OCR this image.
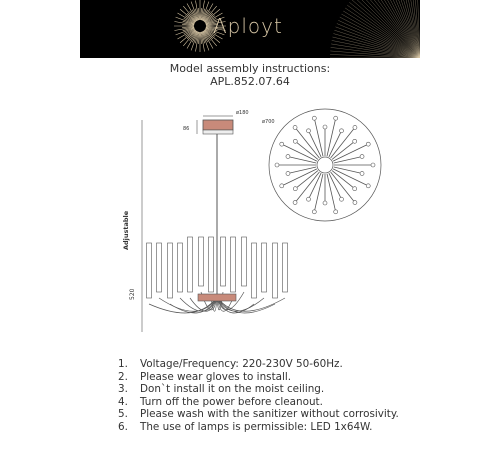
Aployt
Model assembly instructions:
APL.852.07.64
ø180
86
Adjustable
520
ø700
1. Voltage/Frequency: 220-230V 50-60Hz.
2. Please wear gloves to install.
3. Don`t install it on the moist ceiling.
4. Turn off the power before cleanout.
5. Please wash with the sanitizer without corrosivity.
6. The use of lamps is permissible: LED 1x64W.
